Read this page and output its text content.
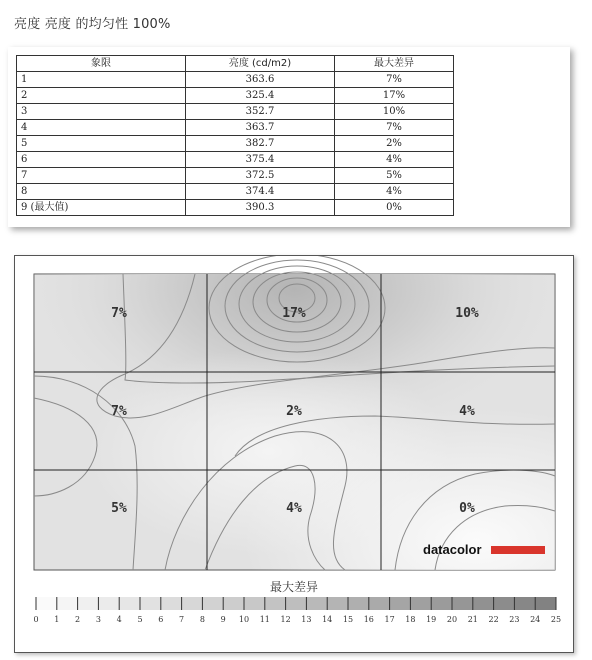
亮度 亮度 的均匀性 100%
象限	亮度 (cd/m2)	最大差异
1	363.6	7%
2	325.4	17%
3	352.7	10%
4	363.7	7%
5	382.7	2%
6	375.4	4%
7	372.5	5%
8	374.4	4%
9 (最大值)	390.3	0%
7%	17%	10%
7%	2%	4%
5%	4%	0%
datacolor
最大差异
0 1 2 3 4 5 6 7 8 9 10 11 12 13 14 15 16 17 18 19 20 21 22 23 24 25
